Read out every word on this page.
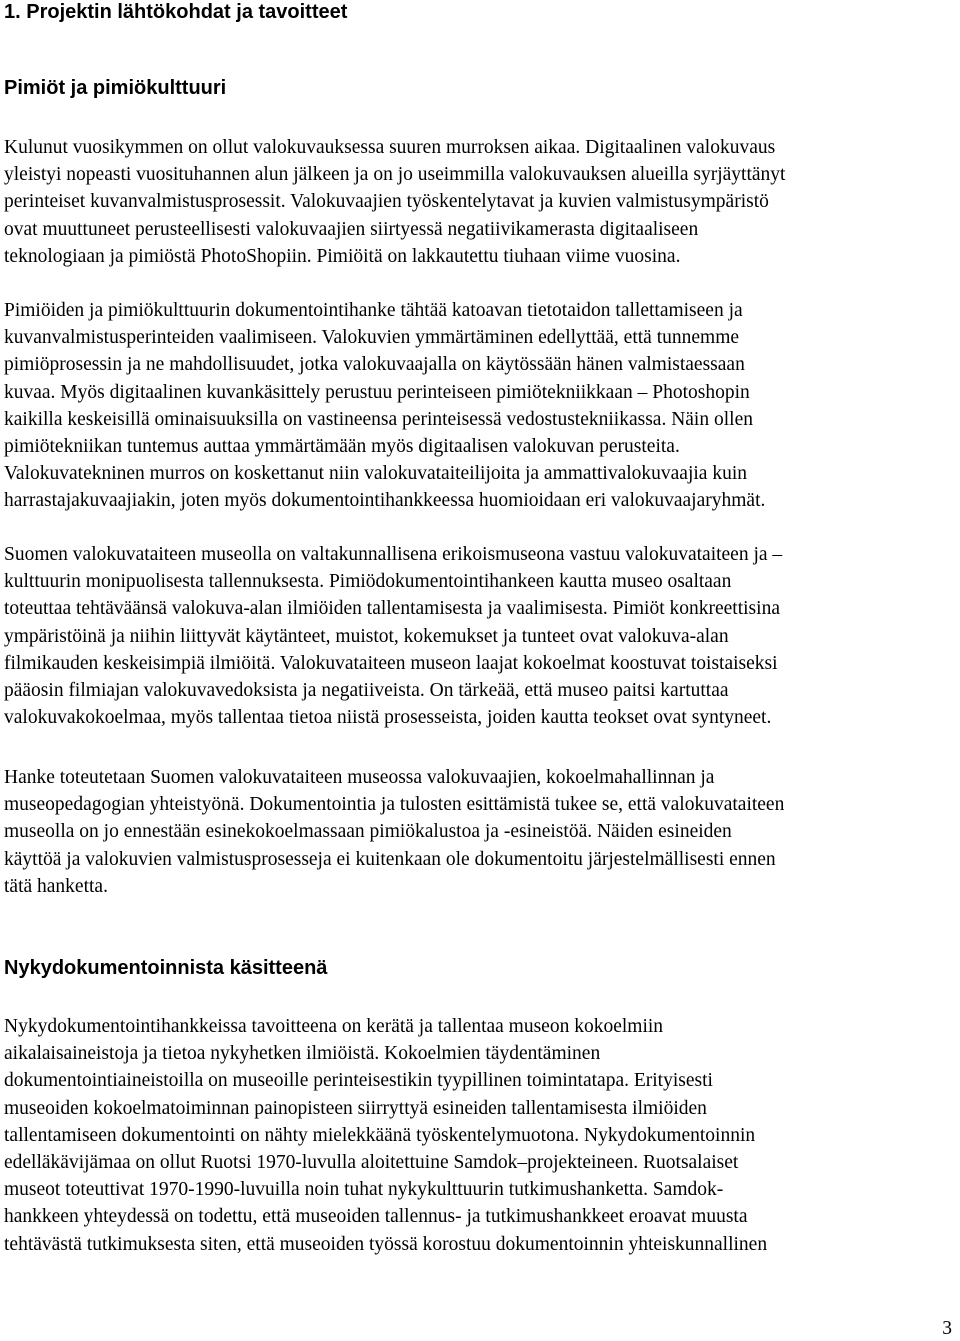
1. Projektin lähtökohdat ja tavoitteet
Pimiöt ja pimiökulttuuri
Kulunut vuosikymmen on ollut valokuvauksessa suuren murroksen aikaa. Digitaalinen valokuvaus
yleistyi nopeasti vuosituhannen alun jälkeen ja on jo useimmilla valokuvauksen alueilla syrjäyttänyt
perinteiset kuvanvalmistusprosessit. Valokuvaajien työskentelytavat ja kuvien valmistusympäristö
ovat muuttuneet perusteellisesti valokuvaajien siirtyessä negatiivikamerasta digitaaliseen
teknologiaan ja pimiöstä PhotoShopiin. Pimiöitä on lakkautettu tiuhaan viime vuosina.
Pimiöiden ja pimiökulttuurin dokumentointihanke tähtää katoavan tietotaidon tallettamiseen ja
kuvanvalmistusperinteiden vaalimiseen. Valokuvien ymmärtäminen edellyttää, että tunnemme
pimiöprosessin ja ne mahdollisuudet, jotka valokuvaajalla on käytössään hänen valmistaessaan
kuvaa. Myös digitaalinen kuvankäsittely perustuu perinteiseen pimiötekniikkaan – Photoshopin
kaikilla keskeisillä ominaisuuksilla on vastineensa perinteisessä vedostustekniikassa. Näin ollen
pimiötekniikan tuntemus auttaa ymmärtämään myös digitaalisen valokuvan perusteita.
Valokuvatekninen murros on koskettanut niin valokuvataiteilijoita ja ammattivalokuvaajia kuin
harrastajakuvaajiakin, joten myös dokumentointihankkeessa huomioidaan eri valokuvaajaryhmät.
Suomen valokuvataiteen museolla on valtakunnallisena erikoismuseona vastuu valokuvataiteen ja –
kulttuurin monipuolisesta tallennuksesta. Pimiödokumentointihankeen kautta museo osaltaan
toteuttaa tehtäväänsä valokuva-alan ilmiöiden tallentamisesta ja vaalimisesta. Pimiöt konkreettisina
ympäristöinä ja niihin liittyvät käytänteet, muistot, kokemukset ja tunteet ovat valokuva-alan
filmikauden keskeisimpiä ilmiöitä. Valokuvataiteen museon laajat kokoelmat koostuvat toistaiseksi
pääosin filmiajan valokuvavedoksista ja negatiiveista. On tärkeää, että museo paitsi kartuttaa
valokuvakokoelmaa, myös tallentaa tietoa niistä prosesseista, joiden kautta teokset ovat syntyneet.
Hanke toteutetaan Suomen valokuvataiteen museossa valokuvaajien, kokoelmahallinnan ja
museopedagogian yhteistyönä. Dokumentointia ja tulosten esittämistä tukee se, että valokuvataiteen
museolla on jo ennestään esinekokoelmassaan pimiökalustoa ja -esineistöä. Näiden esineiden
käyttöä ja valokuvien valmistusprosesseja ei kuitenkaan ole dokumentoitu järjestelmällisesti ennen
tätä hanketta.
Nykydokumentoinnista käsitteenä
Nykydokumentointihankkeissa tavoitteena on kerätä ja tallentaa museon kokoelmiin
aikalaisaineistoja ja tietoa nykyhetken ilmiöistä. Kokoelmien täydentäminen
dokumentointiaineistoilla on museoille perinteisestikin tyypillinen toimintatapa. Erityisesti
museoiden kokoelmatoiminnan painopisteen siirryttyä esineiden tallentamisesta ilmiöiden
tallentamiseen dokumentointi on nähty mielekkäänä työskentelymuotona. Nykydokumentoinnin
edelläkävijämaa on ollut Ruotsi 1970-luvulla aloitettuine Samdok–projekteineen. Ruotsalaiset
museot toteuttivat 1970-1990-luvuilla noin tuhat nykykulttuurin tutkimushanketta. Samdok-
hankkeen yhteydessä on todettu, että museoiden tallennus- ja tutkimushankkeet eroavat muusta
tehtävästä tutkimuksesta siten, että museoiden työssä korostuu dokumentoinnin yhteiskunnallinen
3
